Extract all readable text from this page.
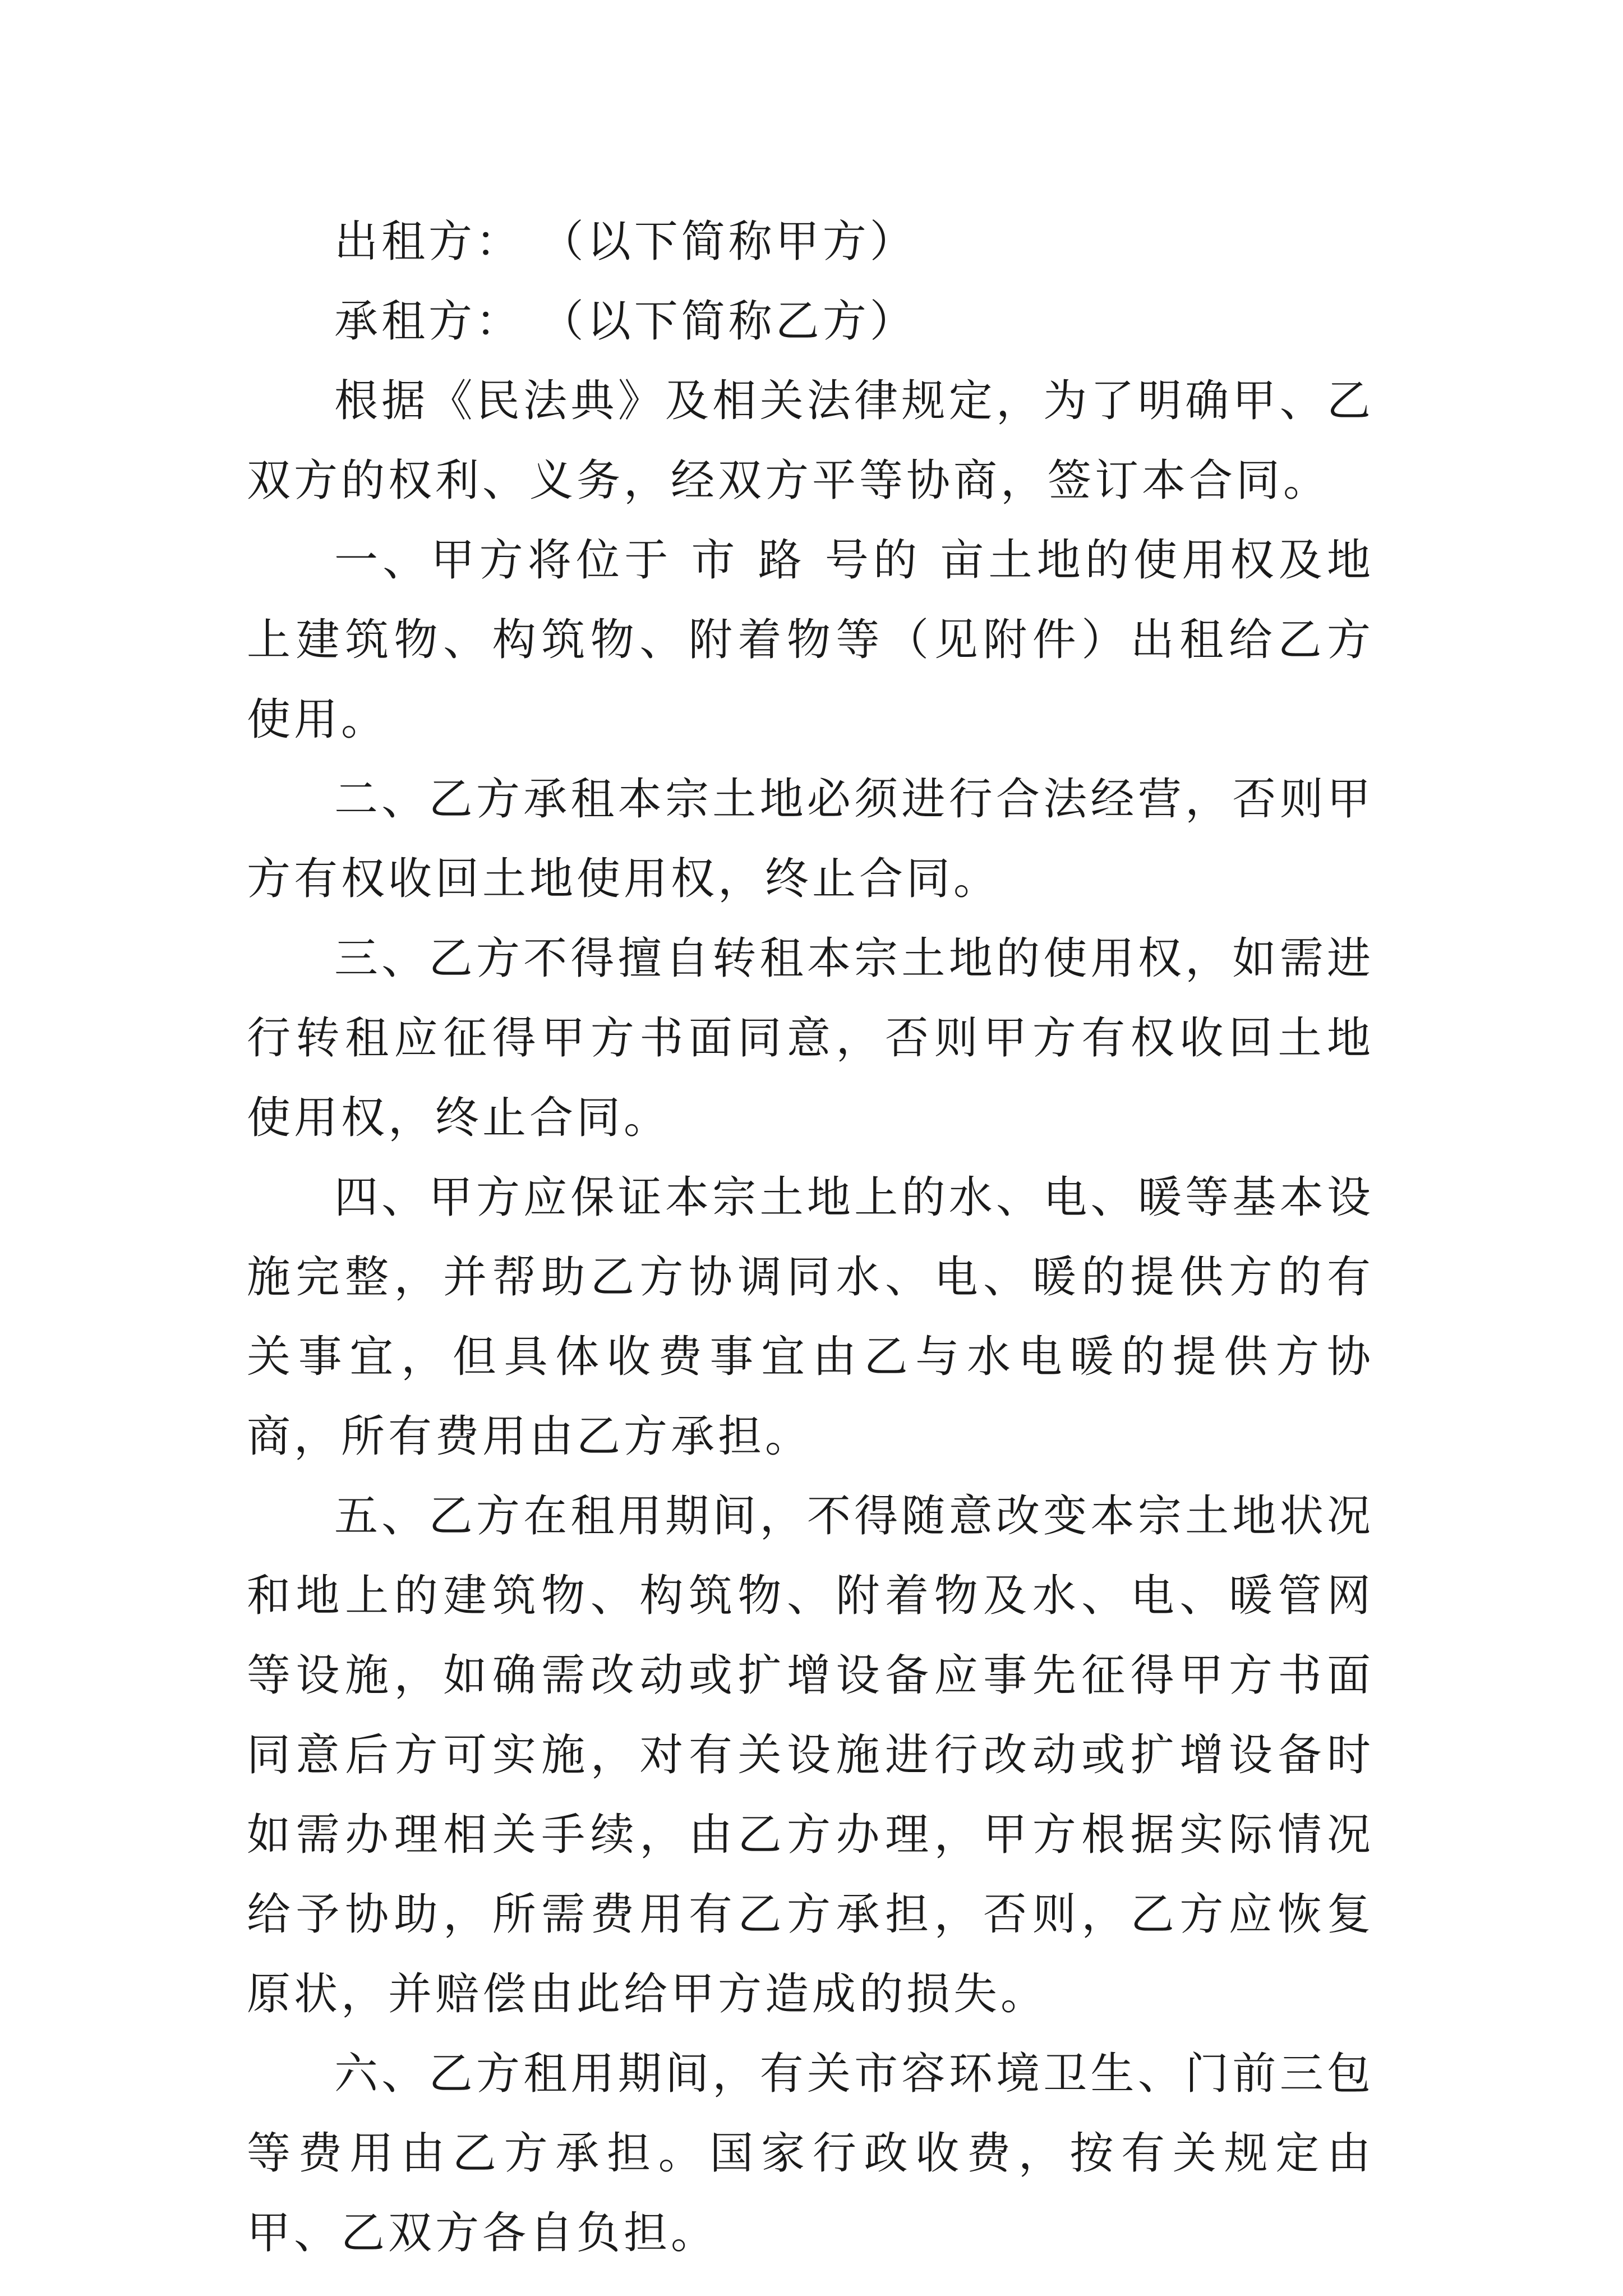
出租方： （以下简称甲方）

承租方： （以下简称乙方）

根据《民法典》及相关法律规定，为了明确甲、乙双方的权利、义务，经双方平等协商，签订本合同。

一、甲方将位于 市 路 号的 亩土地的使用权及地上建筑物、构筑物、附着物等（见附件）出租给乙方使用。

二、乙方承租本宗土地必须进行合法经营，否则甲方有权收回土地使用权，终止合同。

三、乙方不得擅自转租本宗土地的使用权，如需进行转租应征得甲方书面同意，否则甲方有权收回土地使用权，终止合同。

四、甲方应保证本宗土地上的水、电、暖等基本设施完整，并帮助乙方协调同水、电、暖的提供方的有关事宜，但具体收费事宜由乙与水电暖的提供方协商，所有费用由乙方承担。

五、乙方在租用期间，不得随意改变本宗土地状况和地上的建筑物、构筑物、附着物及水、电、暖管网等设施，如确需改动或扩增设备应事先征得甲方书面同意后方可实施，对有关设施进行改动或扩增设备时如需办理相关手续，由乙方办理，甲方根据实际情况给予协助，所需费用有乙方承担，否则，乙方应恢复原状，并赔偿由此给甲方造成的损失。

六、乙方租用期间，有关市容环境卫生、门前三包等费用由乙方承担。国家行政收费，按有关规定由甲、乙双方各自负担。
